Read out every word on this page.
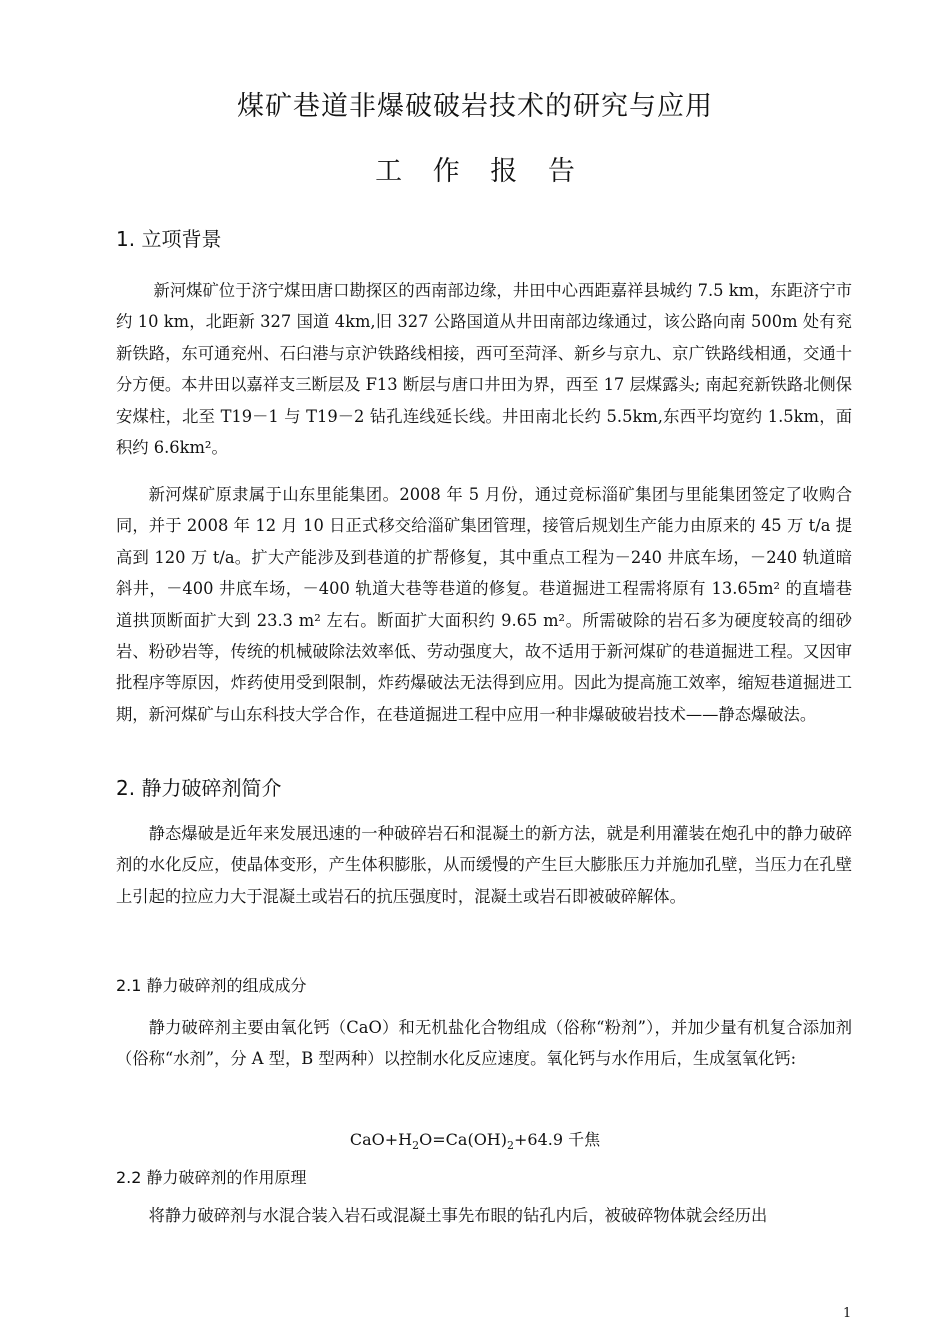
煤矿巷道非爆破破岩技术的研究与应用
工 作 报 告
1. 立项背景
新河煤矿位于济宁煤田唐口勘探区的西南部边缘，井田中心西距嘉祥县城约 7.5 km，东距济宁市约 10 km，北距新 327 国道 4km,旧 327 公路国道从井田南部边缘通过，该公路向南 500m 处有兖新铁路，东可通兖州、石臼港与京沪铁路线相接，西可至菏泽、新乡与京九、京广铁路线相通，交通十分方便。本井田以嘉祥支三断层及 F13 断层与唐口井田为界，西至 17 层煤露头; 南起兖新铁路北侧保安煤柱，北至 T19－1 与 T19－2 钻孔连线延长线。井田南北长约 5.5km,东西平均宽约 1.5km，面积约 6.6km²。
新河煤矿原隶属于山东里能集团。2008 年 5 月份，通过竞标淄矿集团与里能集团签定了收购合同，并于 2008 年 12 月 10 日正式移交给淄矿集团管理，接管后规划生产能力由原来的 45 万 t/a 提高到 120 万 t/a。扩大产能涉及到巷道的扩帮修复，其中重点工程为－240 井底车场，－240 轨道暗斜井，－400 井底车场，－400 轨道大巷等巷道的修复。巷道掘进工程需将原有 13.65m² 的直墙巷道拱顶断面扩大到 23.3 m² 左右。断面扩大面积约 9.65 m²。所需破除的岩石多为硬度较高的细砂岩、粉砂岩等，传统的机械破除法效率低、劳动强度大，故不适用于新河煤矿的巷道掘进工程。又因审批程序等原因，炸药使用受到限制，炸药爆破法无法得到应用。因此为提高施工效率，缩短巷道掘进工期，新河煤矿与山东科技大学合作，在巷道掘进工程中应用一种非爆破破岩技术——静态爆破法。
2. 静力破碎剂简介
静态爆破是近年来发展迅速的一种破碎岩石和混凝土的新方法，就是利用灌装在炮孔中的静力破碎剂的水化反应，使晶体变形，产生体积膨胀，从而缓慢的产生巨大膨胀压力并施加孔壁，当压力在孔壁上引起的拉应力大于混凝土或岩石的抗压强度时，混凝土或岩石即被破碎解体。
2.1 静力破碎剂的组成成分
静力破碎剂主要由氧化钙（CaO）和无机盐化合物组成（俗称“粉剂”），并加少量有机复合添加剂（俗称“水剂”，分 A 型，B 型两种）以控制水化反应速度。氧化钙与水作用后，生成氢氧化钙:
$CaO+H_2O=Ca(OH)_2+64.9$ 千焦
2.2 静力破碎剂的作用原理
将静力破碎剂与水混合装入岩石或混凝土事先布眼的钻孔内后，被破碎物体就会经历出
1
